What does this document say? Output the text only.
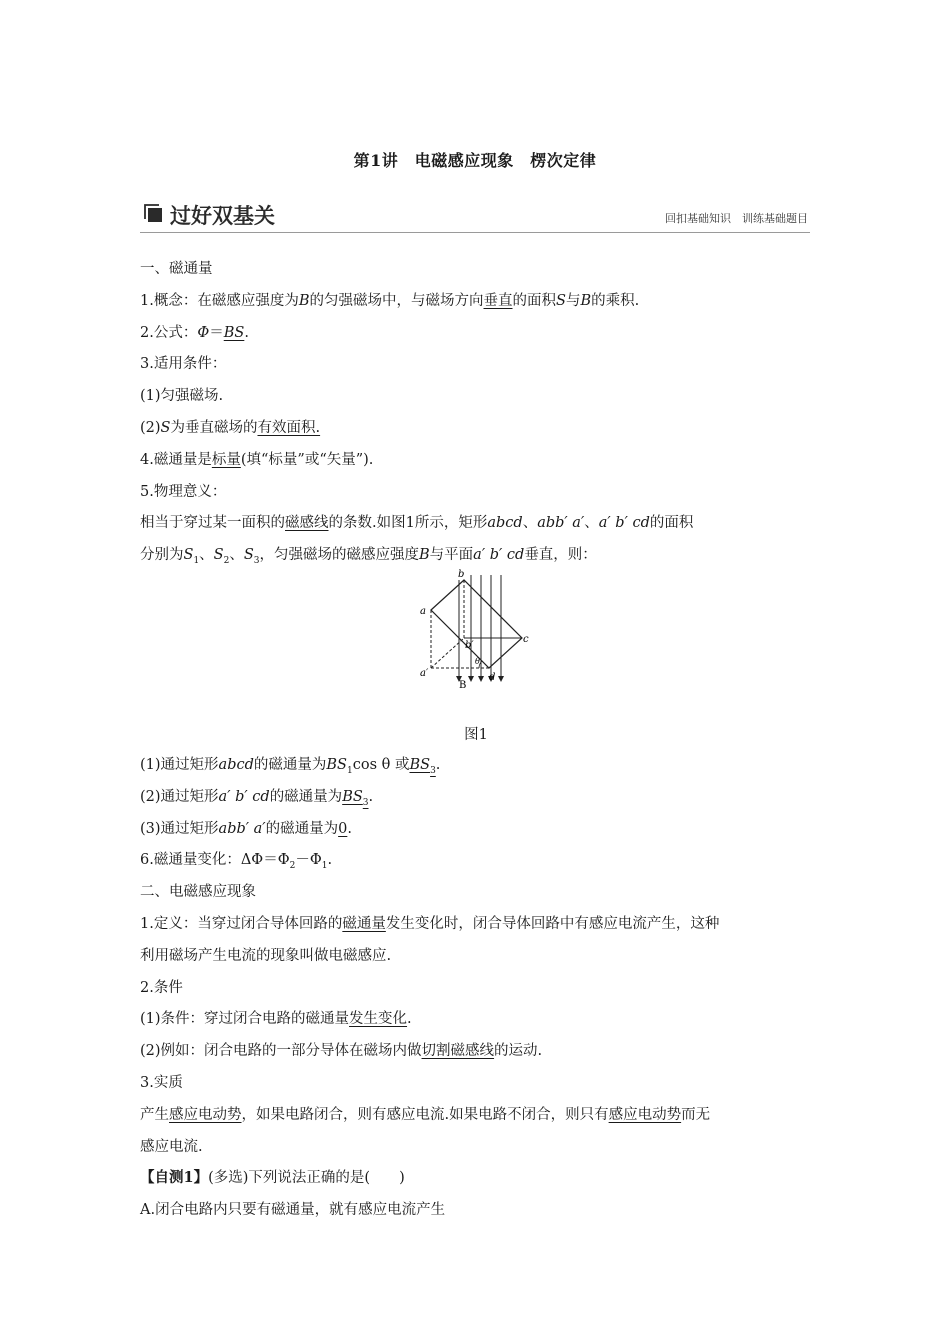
第1讲　电磁感应现象　楞次定律
过好双基关	回扣基础知识　训练基础题目
一、磁通量
1.概念：在磁感应强度为B的匀强磁场中，与磁场方向垂直的面积S与B的乘积.
2.公式：Φ＝BS.
3.适用条件：
(1)匀强磁场.
(2)S为垂直磁场的有效面积.
4.磁通量是标量(填“标量”或“矢量”).
5.物理意义：
相当于穿过某一面积的磁感线的条数.如图1所示，矩形abcd、abb′ a′、a′ b′ cd的面积
分别为$S_1$、$S_2$、$S_3$，匀强磁场的磁感应强度B与平面a′ b′ cd垂直，则：
a
b
b′
c
a′
B
d
θ
图1
(1)通过矩形abcd的磁通量为$BS_1\cos$ θ 或$BS_3$.
(2)通过矩形a′ b′ cd的磁通量为$BS_3$.
(3)通过矩形abb′ a′的磁通量为0.
6.磁通量变化：$\Delta\Phi=\Phi_2-\Phi_1$.
二、电磁感应现象
1.定义：当穿过闭合导体回路的磁通量发生变化时，闭合导体回路中有感应电流产生，这种
利用磁场产生电流的现象叫做电磁感应.
2.条件
(1)条件：穿过闭合电路的磁通量发生变化.
(2)例如：闭合电路的一部分导体在磁场内做切割磁感线的运动.
3.实质
产生感应电动势，如果电路闭合，则有感应电流.如果电路不闭合，则只有感应电动势而无
感应电流.
【自测1】(多选)下列说法正确的是(　　)
A.闭合电路内只要有磁通量，就有感应电流产生
